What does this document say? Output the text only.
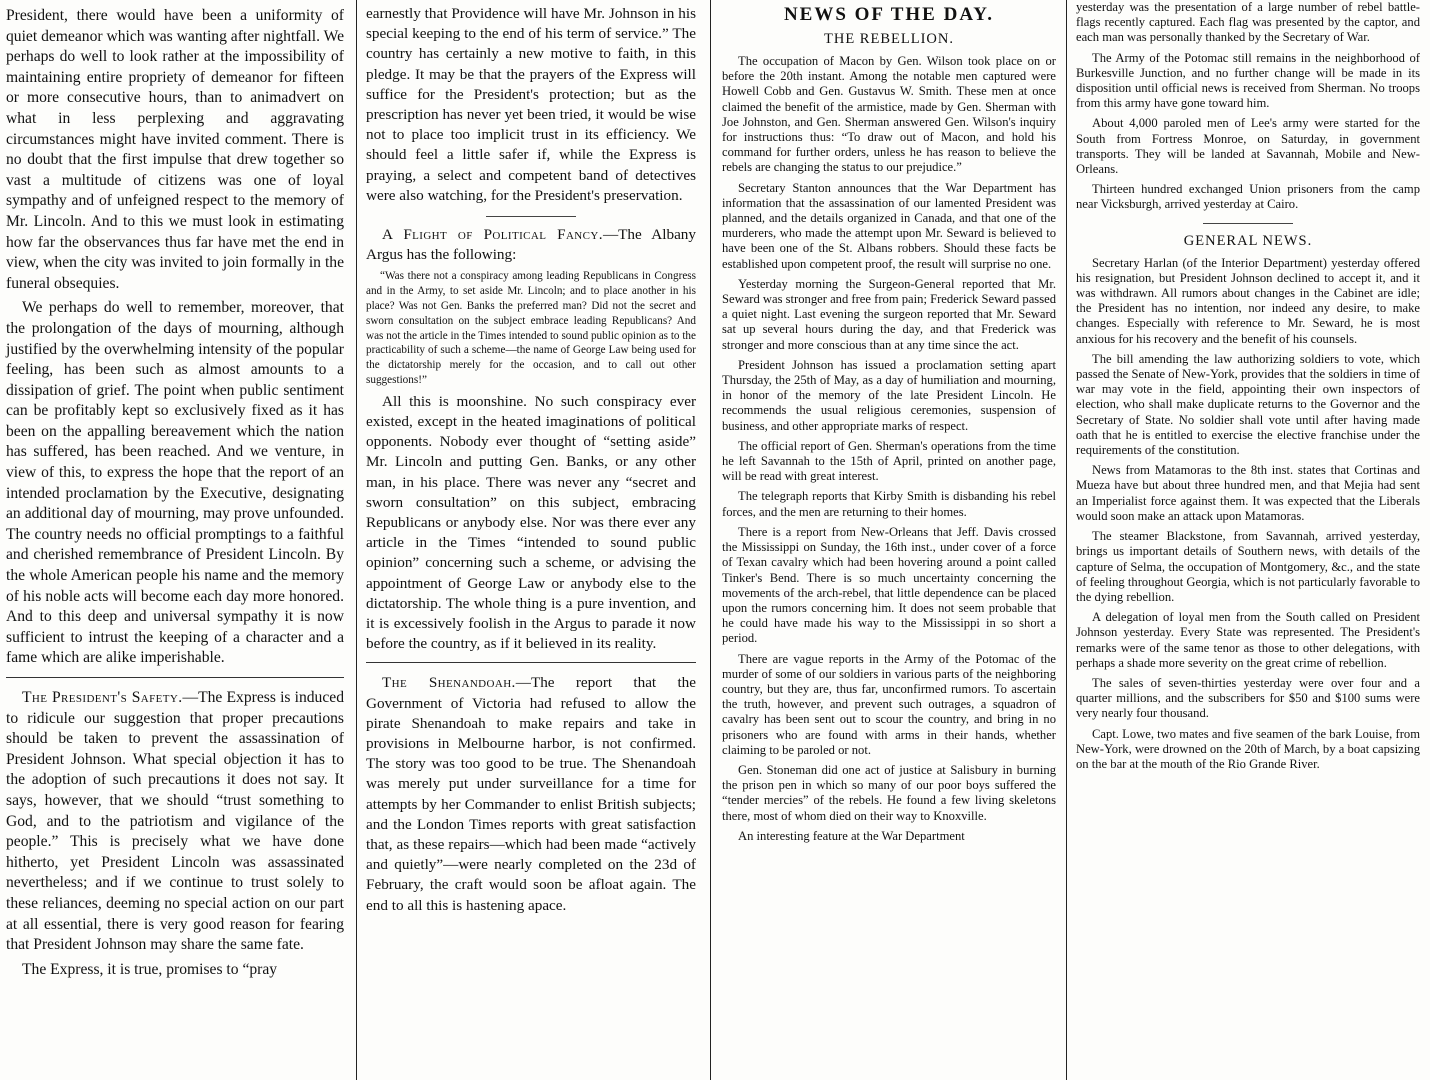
President, there would have been a uniformity of quiet demeanor which was wanting after nightfall. We perhaps do well to look rather at the impossibility of maintaining entire propriety of demeanor for fifteen or more consecutive hours, than to animadvert on what in less perplexing and aggravating circumstances might have invited comment. There is no doubt that the first impulse that drew together so vast a multitude of citizens was one of loyal sympathy and of unfeigned respect to the memory of Mr. Lincoln. And to this we must look in estimating how far the observances thus far have met the end in view, when the city was invited to join formally in the funeral obsequies.

We perhaps do well to remember, moreover, that the prolongation of the days of mourning, although justified by the overwhelming intensity of the popular feeling, has been such as almost amounts to a dissipation of grief. The point when public sentiment can be profitably kept so exclusively fixed as it has been on the appalling bereavement which the nation has suffered, has been reached. And we venture, in view of this, to express the hope that the report of an intended proclamation by the Executive, designating an additional day of mourning, may prove unfounded. The country needs no official promptings to a faithful and cherished remembrance of President Lincoln. By the whole American people his name and the memory of his noble acts will become each day more honored. And to this deep and universal sympathy it is now sufficient to intrust the keeping of a character and a fame which are alike imperishable.

The President's Safety.—The Express is induced to ridicule our suggestion that proper precautions should be taken to prevent the assassination of President Johnson. What special objection it has to the adoption of such precautions it does not say. It says, however, that we should “trust something to God, and to the patriotism and vigilance of the people.” This is precisely what we have done hitherto, yet President Lincoln was assassinated nevertheless; and if we continue to trust solely to these reliances, deeming no special action on our part at all essential, there is very good reason for fearing that President Johnson may share the same fate.

The Express, it is true, promises to “pray

earnestly that Providence will have Mr. Johnson in his special keeping to the end of his term of service.” The country has certainly a new motive to faith, in this pledge. It may be that the prayers of the Express will suffice for the President's protection; but as the prescription has never yet been tried, it would be wise not to place too implicit trust in its efficiency. We should feel a little safer if, while the Express is praying, a select and competent band of detectives were also watching, for the President's preservation.

A Flight of Political Fancy.—The Albany Argus has the following:

“Was there not a conspiracy among leading Republicans in Congress and in the Army, to set aside Mr. Lincoln; and to place another in his place? Was not Gen. Banks the preferred man? Did not the secret and sworn consultation on the subject embrace leading Republicans? And was not the article in the Times intended to sound public opinion as to the practicability of such a scheme—the name of George Law being used for the dictatorship merely for the occasion, and to call out other suggestions!”

All this is moonshine. No such conspiracy ever existed, except in the heated imaginations of political opponents. Nobody ever thought of “setting aside” Mr. Lincoln and putting Gen. Banks, or any other man, in his place. There was never any “secret and sworn consultation” on this subject, embracing Republicans or anybody else. Nor was there ever any article in the Times “intended to sound public opinion” concerning such a scheme, or advising the appointment of George Law or anybody else to the dictatorship. The whole thing is a pure invention, and it is excessively foolish in the Argus to parade it now before the country, as if it believed in its reality.

The Shenandoah.—The report that the Government of Victoria had refused to allow the pirate Shenandoah to make repairs and take in provisions in Melbourne harbor, is not confirmed. The story was too good to be true. The Shenandoah was merely put under surveillance for a time for attempts by her Commander to enlist British subjects; and the London Times reports with great satisfaction that, as these repairs—which had been made “actively and quietly”—were nearly completed on the 23d of February, the craft would soon be afloat again. The end to all this is hastening apace.

NEWS OF THE DAY.
THE REBELLION.

The occupation of Macon by Gen. Wilson took place on or before the 20th instant. Among the notable men captured were Howell Cobb and Gen. Gustavus W. Smith. These men at once claimed the benefit of the armistice, made by Gen. Sherman with Joe Johnston, and Gen. Sherman answered Gen. Wilson's inquiry for instructions thus: “To draw out of Macon, and hold his command for further orders, unless he has reason to believe the rebels are changing the status to our prejudice.”

Secretary Stanton announces that the War Department has information that the assassination of our lamented President was planned, and the details organized in Canada, and that one of the murderers, who made the attempt upon Mr. Seward is believed to have been one of the St. Albans robbers. Should these facts be established upon competent proof, the result will surprise no one.

Yesterday morning the Surgeon-General reported that Mr. Seward was stronger and free from pain; Frederick Seward passed a quiet night. Last evening the surgeon reported that Mr. Seward sat up several hours during the day, and that Frederick was stronger and more conscious than at any time since the act.

President Johnson has issued a proclamation setting apart Thursday, the 25th of May, as a day of humiliation and mourning, in honor of the memory of the late President Lincoln. He recommends the usual religious ceremonies, suspension of business, and other appropriate marks of respect.

The official report of Gen. Sherman's operations from the time he left Savannah to the 15th of April, printed on another page, will be read with great interest.

The telegraph reports that Kirby Smith is disbanding his rebel forces, and the men are returning to their homes.

There is a report from New-Orleans that Jeff. Davis crossed the Mississippi on Sunday, the 16th inst., under cover of a force of Texan cavalry which had been hovering around a point called Tinker's Bend. There is so much uncertainty concerning the movements of the arch-rebel, that little dependence can be placed upon the rumors concerning him. It does not seem probable that he could have made his way to the Mississippi in so short a period.

There are vague reports in the Army of the Potomac of the murder of some of our soldiers in various parts of the neighboring country, but they are, thus far, unconfirmed rumors. To ascertain the truth, however, and prevent such outrages, a squadron of cavalry has been sent out to scour the country, and bring in no prisoners who are found with arms in their hands, whether claiming to be paroled or not.

Gen. Stoneman did one act of justice at Salisbury in burning the prison pen in which so many of our poor boys suffered the “tender mercies” of the rebels. He found a few living skeletons there, most of whom died on their way to Knoxville.

An interesting feature at the War Department

yesterday was the presentation of a large number of rebel battle-flags recently captured. Each flag was presented by the captor, and each man was personally thanked by the Secretary of War.

The Army of the Potomac still remains in the neighborhood of Burkesville Junction, and no further change will be made in its disposition until official news is received from Sherman. No troops from this army have gone toward him.

About 4,000 paroled men of Lee's army were started for the South from Fortress Monroe, on Saturday, in government transports. They will be landed at Savannah, Mobile and New-Orleans.

Thirteen hundred exchanged Union prisoners from the camp near Vicksburgh, arrived yesterday at Cairo.

GENERAL NEWS.

Secretary Harlan (of the Interior Department) yesterday offered his resignation, but President Johnson declined to accept it, and it was withdrawn. All rumors about changes in the Cabinet are idle; the President has no intention, nor indeed any desire, to make changes. Especially with reference to Mr. Seward, he is most anxious for his recovery and the benefit of his counsels.

The bill amending the law authorizing soldiers to vote, which passed the Senate of New-York, provides that the soldiers in time of war may vote in the field, appointing their own inspectors of election, who shall make duplicate returns to the Governor and the Secretary of State. No soldier shall vote until after having made oath that he is entitled to exercise the elective franchise under the requirements of the constitution.

News from Matamoras to the 8th inst. states that Cortinas and Mueza have but about three hundred men, and that Mejia had sent an Imperialist force against them. It was expected that the Liberals would soon make an attack upon Matamoras.

The steamer Blackstone, from Savannah, arrived yesterday, brings us important details of Southern news, with details of the capture of Selma, the occupation of Montgomery, &c., and the state of feeling throughout Georgia, which is not particularly favorable to the dying rebellion.

A delegation of loyal men from the South called on President Johnson yesterday. Every State was represented. The President's remarks were of the same tenor as those to other delegations, with perhaps a shade more severity on the great crime of rebellion.

The sales of seven-thirties yesterday were over four and a quarter millions, and the subscribers for $50 and $100 sums were very nearly four thousand.

Capt. Lowe, two mates and five seamen of the bark Louise, from New-York, were drowned on the 20th of March, by a boat capsizing on the bar at the mouth of the Rio Grande River.
